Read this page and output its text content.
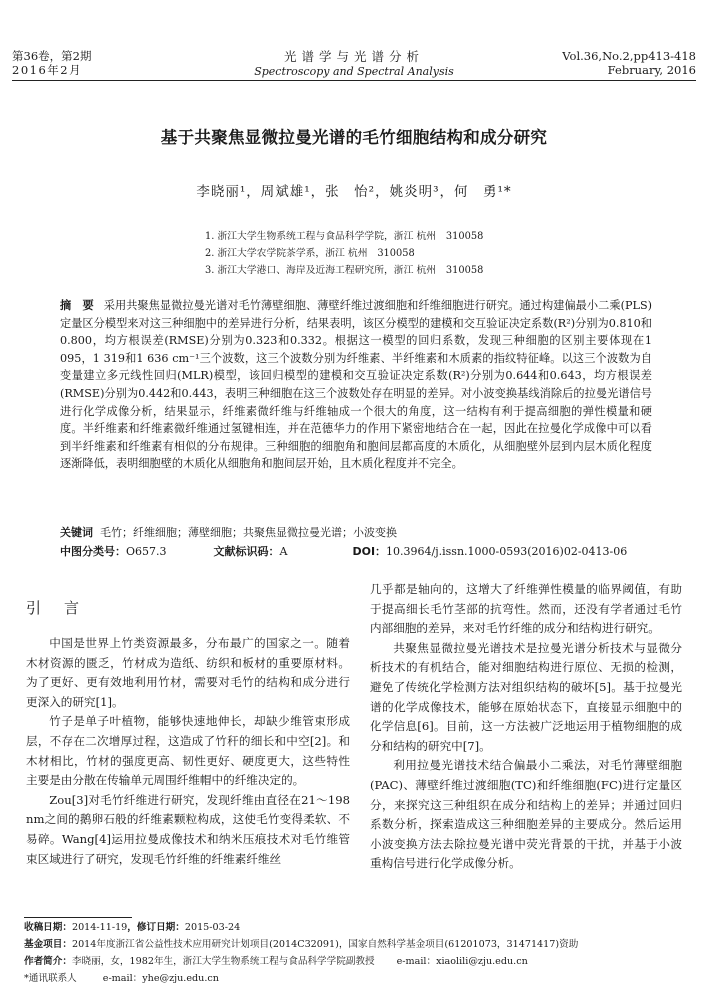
第36卷，第2期
2016年2月
光谱学与光谱分析
Spectroscopy and Spectral Analysis
Vol.36,No.2,pp413-418
February, 2016
基于共聚焦显微拉曼光谱的毛竹细胞结构和成分研究
李晓丽¹，周斌雄¹，张　怡²，姚炎明³，何　勇¹*
1. 浙江大学生物系统工程与食品科学学院，浙江 杭州　310058
2. 浙江大学农学院茶学系，浙江 杭州　310058
3. 浙江大学港口、海岸及近海工程研究所，浙江 杭州　310058
摘　要 采用共聚焦显微拉曼光谱对毛竹薄壁细胞、薄壁纤维过渡细胞和纤维细胞进行研究。通过构建偏最小二乘(PLS)定量区分模型来对这三种细胞中的差异进行分析，结果表明，该区分模型的建模和交互验证决定系数(R²)分别为0.810和0.800，均方根误差(RMSE)分别为0.323和0.332。根据这一模型的回归系数，发现三种细胞的区别主要体现在1 095，1 319和1 636 cm⁻¹三个波数，这三个波数分别为纤维素、半纤维素和木质素的指纹特征峰。以这三个波数为自变量建立多元线性回归(MLR)模型，该回归模型的建模和交互验证决定系数(R²)分别为0.644和0.643，均方根误差(RMSE)分别为0.442和0.443，表明三种细胞在这三个波数处存在明显的差异。对小波变换基线消除后的拉曼光谱信号进行化学成像分析，结果显示，纤维素微纤维与纤维轴成一个很大的角度，这一结构有利于提高细胞的弹性模量和硬度。半纤维素和纤维素微纤维通过氢键相连，并在范德华力的作用下紧密地结合在一起，因此在拉曼化学成像中可以看到半纤维素和纤维素有相似的分布规律。三种细胞的细胞角和胞间层都高度的木质化，从细胞壁外层到内层木质化程度逐渐降低，表明细胞壁的木质化从细胞角和胞间层开始，且木质化程度并不完全。
关键词 毛竹；纤维细胞；薄壁细胞；共聚焦显微拉曼光谱；小波变换
中图分类号：O657.3	文献标识码：A	DOI：10.3964/j.issn.1000-0593(2016)02-0413-06
引　言

中国是世界上竹类资源最多，分布最广的国家之一。随着木材资源的匮乏，竹材成为造纸、纺织和板材的重要原材料。为了更好、更有效地利用竹材，需要对毛竹的结构和成分进行更深入的研究[1]。

竹子是单子叶植物，能够快速地伸长，却缺少维管束形成层，不存在二次增厚过程，这造成了竹秆的细长和中空[2]。和木材相比，竹材的强度更高、韧性更好、硬度更大，这些特性主要是由分散在传输单元周围纤维帽中的纤维决定的。

Zou[3]对毛竹纤维进行研究，发现纤维由直径在21～198 nm之间的鹅卵石般的纤维素颗粒构成，这使毛竹变得柔软、不易碎。Wang[4]运用拉曼成像技术和纳米压痕技术对毛竹维管束区域进行了研究，发现毛竹纤维的纤维素纤维丝

几乎都是轴向的，这增大了纤维弹性模量的临界阈值，有助于提高细长毛竹茎部的抗弯性。然而，还没有学者通过毛竹内部细胞的差异，来对毛竹纤维的成分和结构进行研究。

共聚焦显微拉曼光谱技术是拉曼光谱分析技术与显微分析技术的有机结合，能对细胞结构进行原位、无损的检测，避免了传统化学检测方法对组织结构的破坏[5]。基于拉曼光谱的化学成像技术，能够在原始状态下，直接显示细胞中的化学信息[6]。目前，这一方法被广泛地运用于植物细胞的成分和结构的研究中[7]。

利用拉曼光谱技术结合偏最小二乘法，对毛竹薄壁细胞(PAC)、薄壁纤维过渡细胞(TC)和纤维细胞(FC)进行定量区分，来探究这三种组织在成分和结构上的差异；并通过回归系数分析，探索造成这三种细胞差异的主要成分。然后运用小波变换方法去除拉曼光谱中荧光背景的干扰，并基于小波重构信号进行化学成像分析。

收稿日期：2014-11-19，修订日期：2015-03-24
基金项目：2014年度浙江省公益性技术应用研究计划项目(2014C32091)，国家自然科学基金项目(61201073，31471417)资助
作者简介：李晓丽，女，1982年生，浙江大学生物系统工程与食品科学学院副教授 e-mail：xiaolili@zju.edu.cn
*通讯联系人	e-mail：yhe@zju.edu.cn
